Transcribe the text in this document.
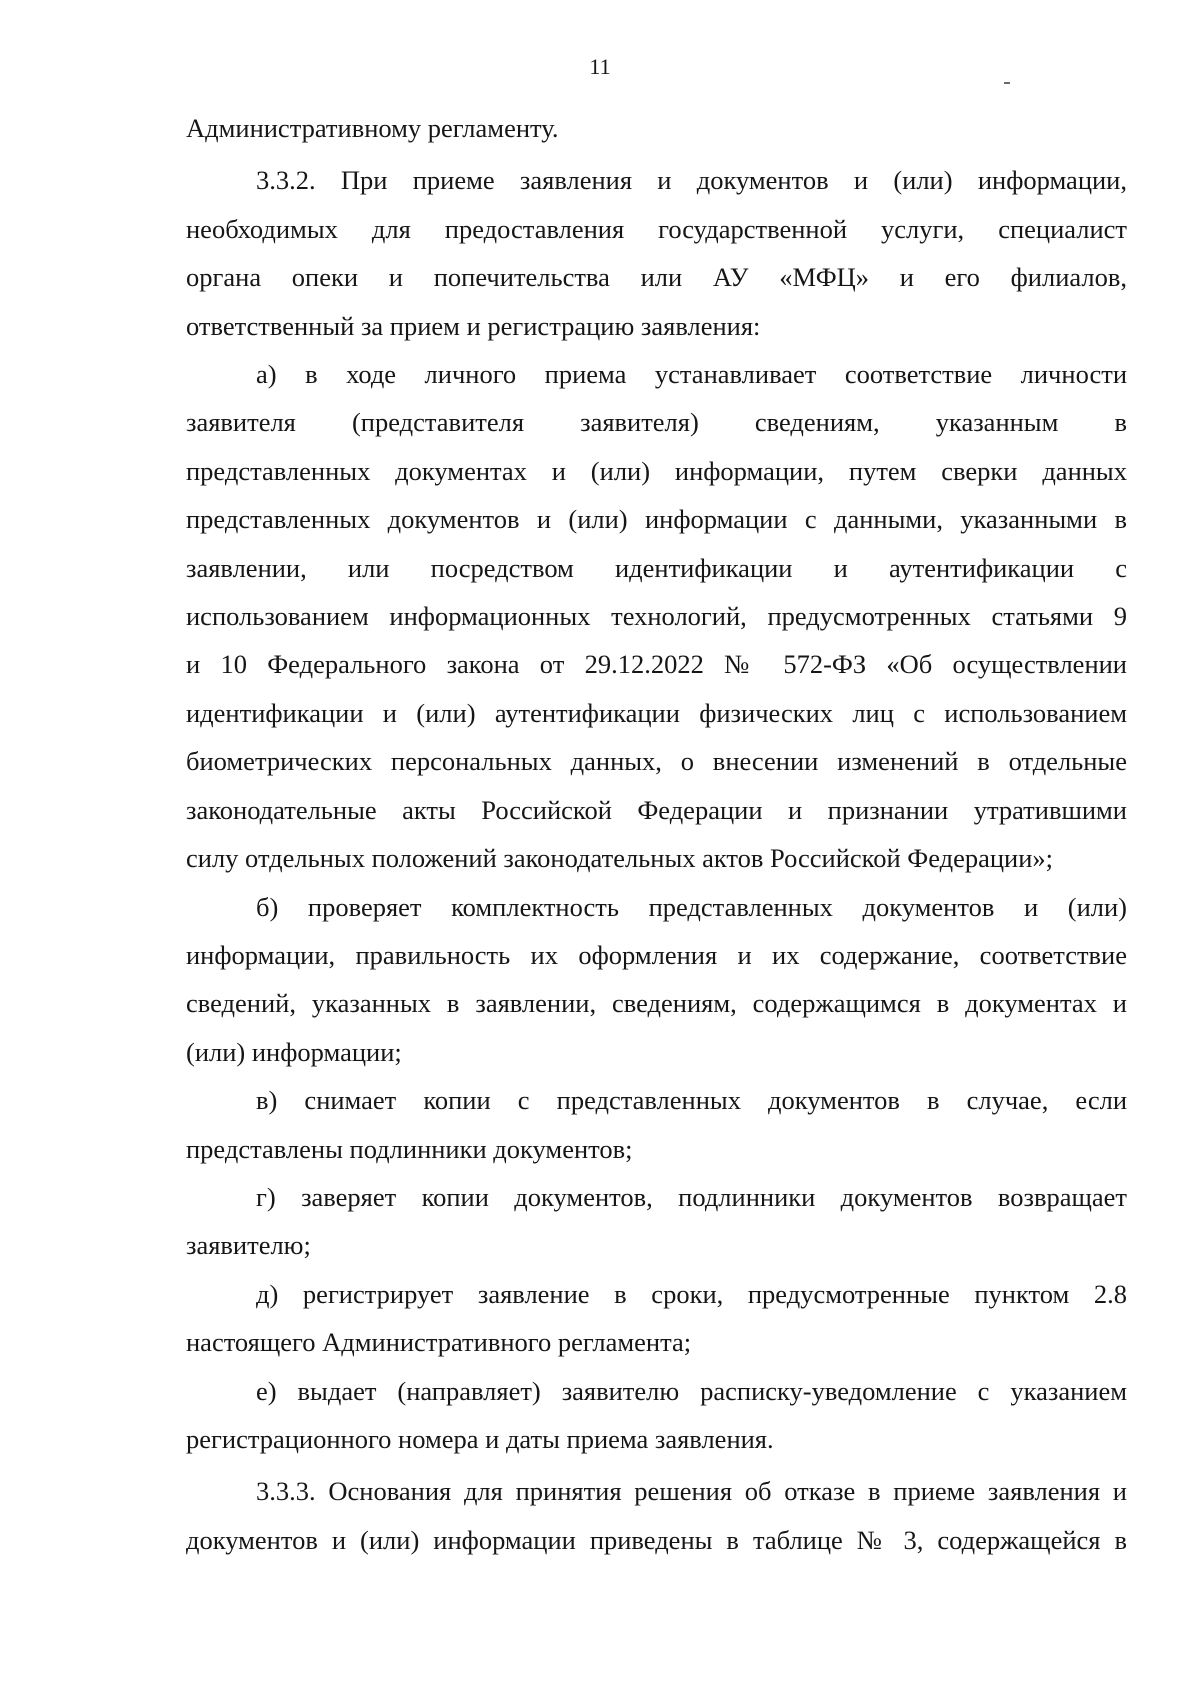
11

Административному регламенту.

3.3.2. При приеме заявления и документов и (или) информации,

необходимых для предоставления государственной услуги, специалист

органа опеки и попечительства или АУ «МФЦ» и его филиалов,

ответственный за прием и регистрацию заявления:

а) в ходе личного приема устанавливает соответствие личности

заявителя (представителя заявителя) сведениям, указанным в

представленных документах и (или) информации, путем сверки данных

представленных документов и (или) информации с данными, указанными в

заявлении, или посредством идентификации и аутентификации с

использованием информационных технологий, предусмотренных статьями 9

и 10 Федерального закона от 29.12.2022 № 572-ФЗ «Об осуществлении

идентификации и (или) аутентификации физических лиц с использованием

биометрических персональных данных, о внесении изменений в отдельные

законодательные акты Российской Федерации и признании утратившими

силу отдельных положений законодательных актов Российской Федерации»;

б) проверяет комплектность представленных документов и (или)

информации, правильность их оформления и их содержание, соответствие

сведений, указанных в заявлении, сведениям, содержащимся в документах и

(или) информации;

в) снимает копии с представленных документов в случае, если

представлены подлинники документов;

г) заверяет копии документов, подлинники документов возвращает

заявителю;

д) регистрирует заявление в сроки, предусмотренные пунктом 2.8

настоящего Административного регламента;

е) выдает (направляет) заявителю расписку-уведомление с указанием

регистрационного номера и даты приема заявления.

3.3.3. Основания для принятия решения об отказе в приеме заявления и

документов и (или) информации приведены в таблице № 3, содержащейся в
